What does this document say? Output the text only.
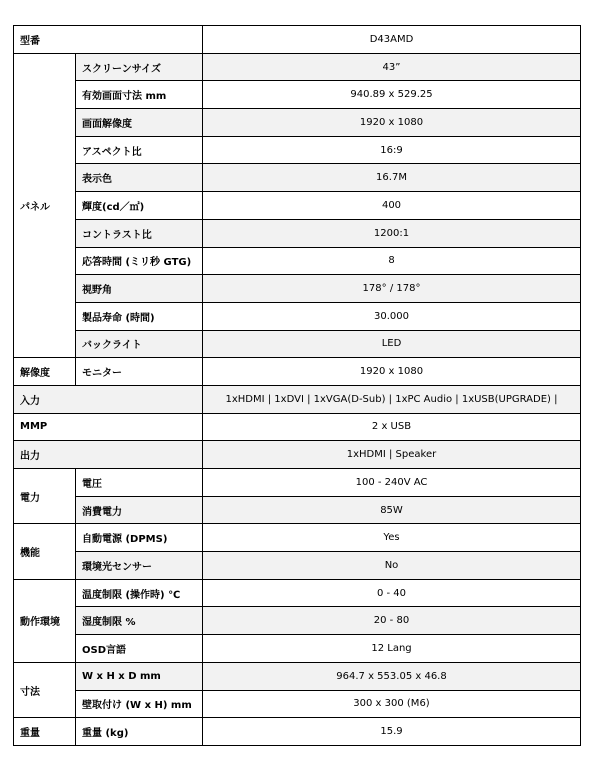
型番		D43AMD
パネル	スクリーンサイズ	43”
	有効画面寸法 mm	940.89 x 529.25
	画面解像度	1920 x 1080
	アスペクト比	16:9
	表示色	16.7M
	輝度(cd／㎡)	400
	コントラスト比	1200:1
	応答時間 (ミリ秒 GTG)	8
	視野角	178° / 178°
	製品寿命 (時間)	30.000
	バックライト	LED
解像度	モニター	1920 x 1080
入力		1xHDMI | 1xDVI | 1xVGA(D-Sub) | 1xPC Audio | 1xUSB(UPGRADE) |
MMP		2 x USB
出力		1xHDMI | Speaker
電力	電圧	100 - 240V AC
	消費電力	85W
機能	自動電源 (DPMS)	Yes
	環境光センサー	No
動作環境	温度制限 (操作時) ℃	0 - 40
	湿度制限 %	20 - 80
	OSD言語	12 Lang
寸法	W x H x D mm	964.7 x 553.05 x 46.8
	壁取付け (W x H) mm	300 x 300 (M6)
重量	重量 (kg)	15.9
